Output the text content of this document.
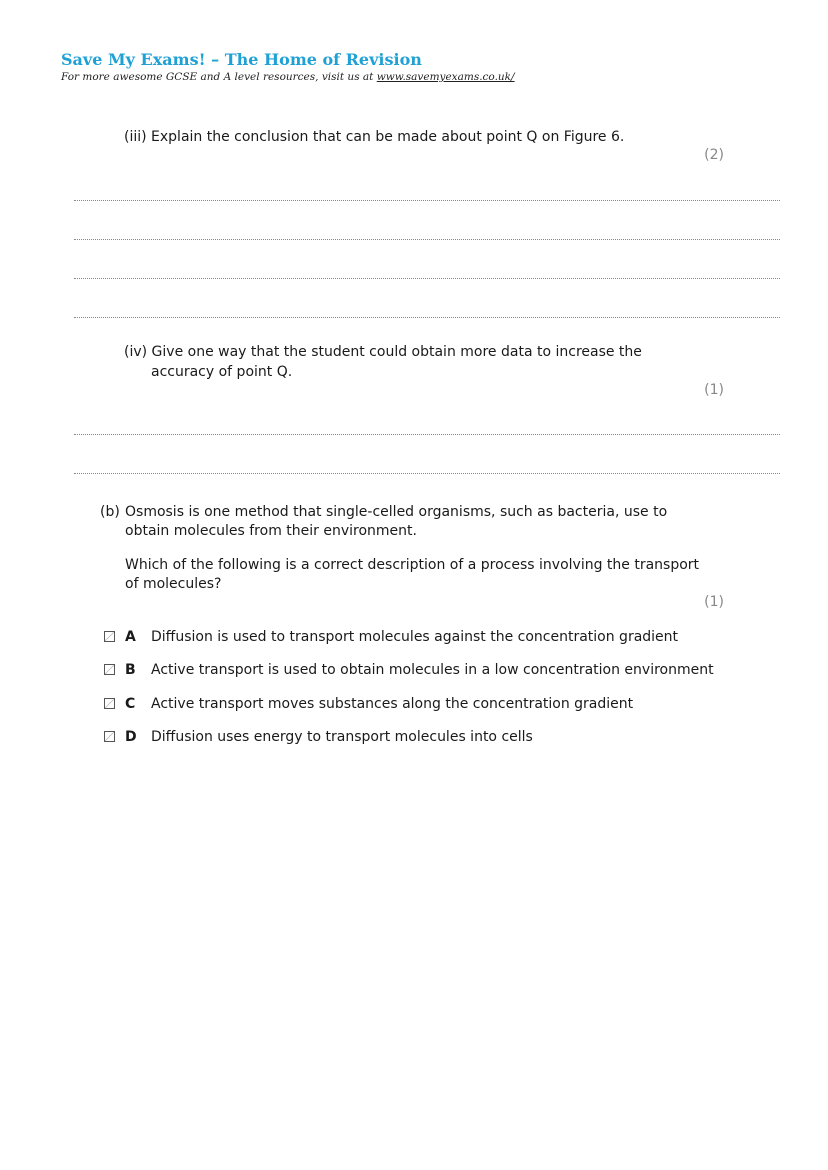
Save My Exams! – The Home of Revision
For more awesome GCSE and A level resources, visit us at www.savemyexams.co.uk/
(iii) Explain the conclusion that can be made about point Q on Figure 6.
(2)
(iv) Give one way that the student could obtain more data to increase the
accuracy of point Q.
(1)
(b) Osmosis is one method that single-celled organisms, such as bacteria, use to
obtain molecules from their environment.
Which of the following is a correct description of a process involving the transport
of molecules?
(1)
A Diffusion is used to transport molecules against the concentration gradient
B Active transport is used to obtain molecules in a low concentration environment
C Active transport moves substances along the concentration gradient
D Diffusion uses energy to transport molecules into cells
